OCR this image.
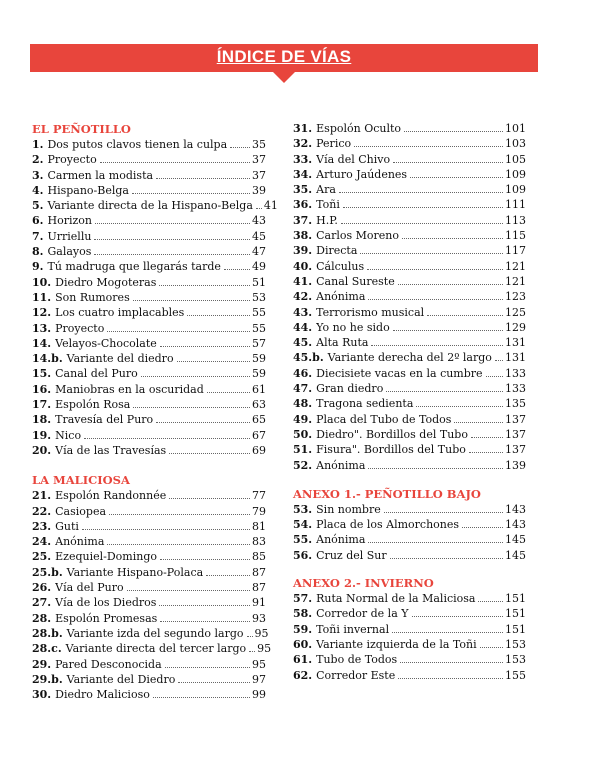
ÍNDICE DE VÍAS
EL PEÑOTILLO
1. Dos putos clavos tienen la culpa 35
2. Proyecto	37
3. Carmen la modista	37
4. Hispano-Belga	39
5. Variante directa de la Hispano-Belga 41
6. Horizon	43
7. Urriellu	45
8. Galayos	47
9. Tú madruga que llegarás tarde	49
10. Diedro Mogoteras	51
11. Son Rumores	53
12. Los cuatro implacables	55
13. Proyecto	55
14. Velayos-Chocolate	57
14.b. Variante del diedro	59
15. Canal del Puro	59
16. Maniobras en la oscuridad	61
17. Espolón Rosa	63
18. Travesía del Puro	65
19. Nico	67
20. Vía de las Travesías	69
LA MALICIOSA
21. Espolón Randonnée	77
22. Casiopea	79
23. Guti	81
24. Anónima	83
25. Ezequiel-Domingo	85
25.b. Variante Hispano-Polaca	87
26. Vía del Puro	87
27. Vía de los Diedros	91
28. Espolón Promesas	93
28.b. Variante izda del segundo largo 95
28.c. Variante directa del tercer largo 95
29. Pared Desconocida	95
29.b. Variante del Diedro	97
30. Diedro Malicioso	99
31. Espolón Oculto	101
32. Perico	103
33. Vía del Chivo	105
34. Arturo Jaúdenes	109
35. Ara	109
36. Toñi	111
37. H.P.	113
38. Carlos Moreno	115
39. Directa	117
40. Cálculus	121
41. Canal Sureste	121
42. Anónima	123
43. Terrorismo musical	125
44. Yo no he sido	129
45. Alta Ruta	131
45.b. Variante derecha del 2º largo 131
46. Diecisiete vacas en la cumbre 133
47. Gran diedro	133
48. Tragona sedienta	135
49. Placa del Tubo de Todos	137
50. Diedro". Bordillos del Tubo	137
51. Fisura". Bordillos del Tubo	137
52. Anónima	139
ANEXO 1.- PEÑOTILLO BAJO
53. Sin nombre	143
54. Placa de los Almorchones	143
55. Anónima	145
56. Cruz del Sur	145
ANEXO 2.- INVIERNO
57. Ruta Normal de la Maliciosa	151
58. Corredor de la Y	151
59. Toñi invernal	151
60. Variante izquierda de la Toñi	153
61. Tubo de Todos	153
62. Corredor Este	155
